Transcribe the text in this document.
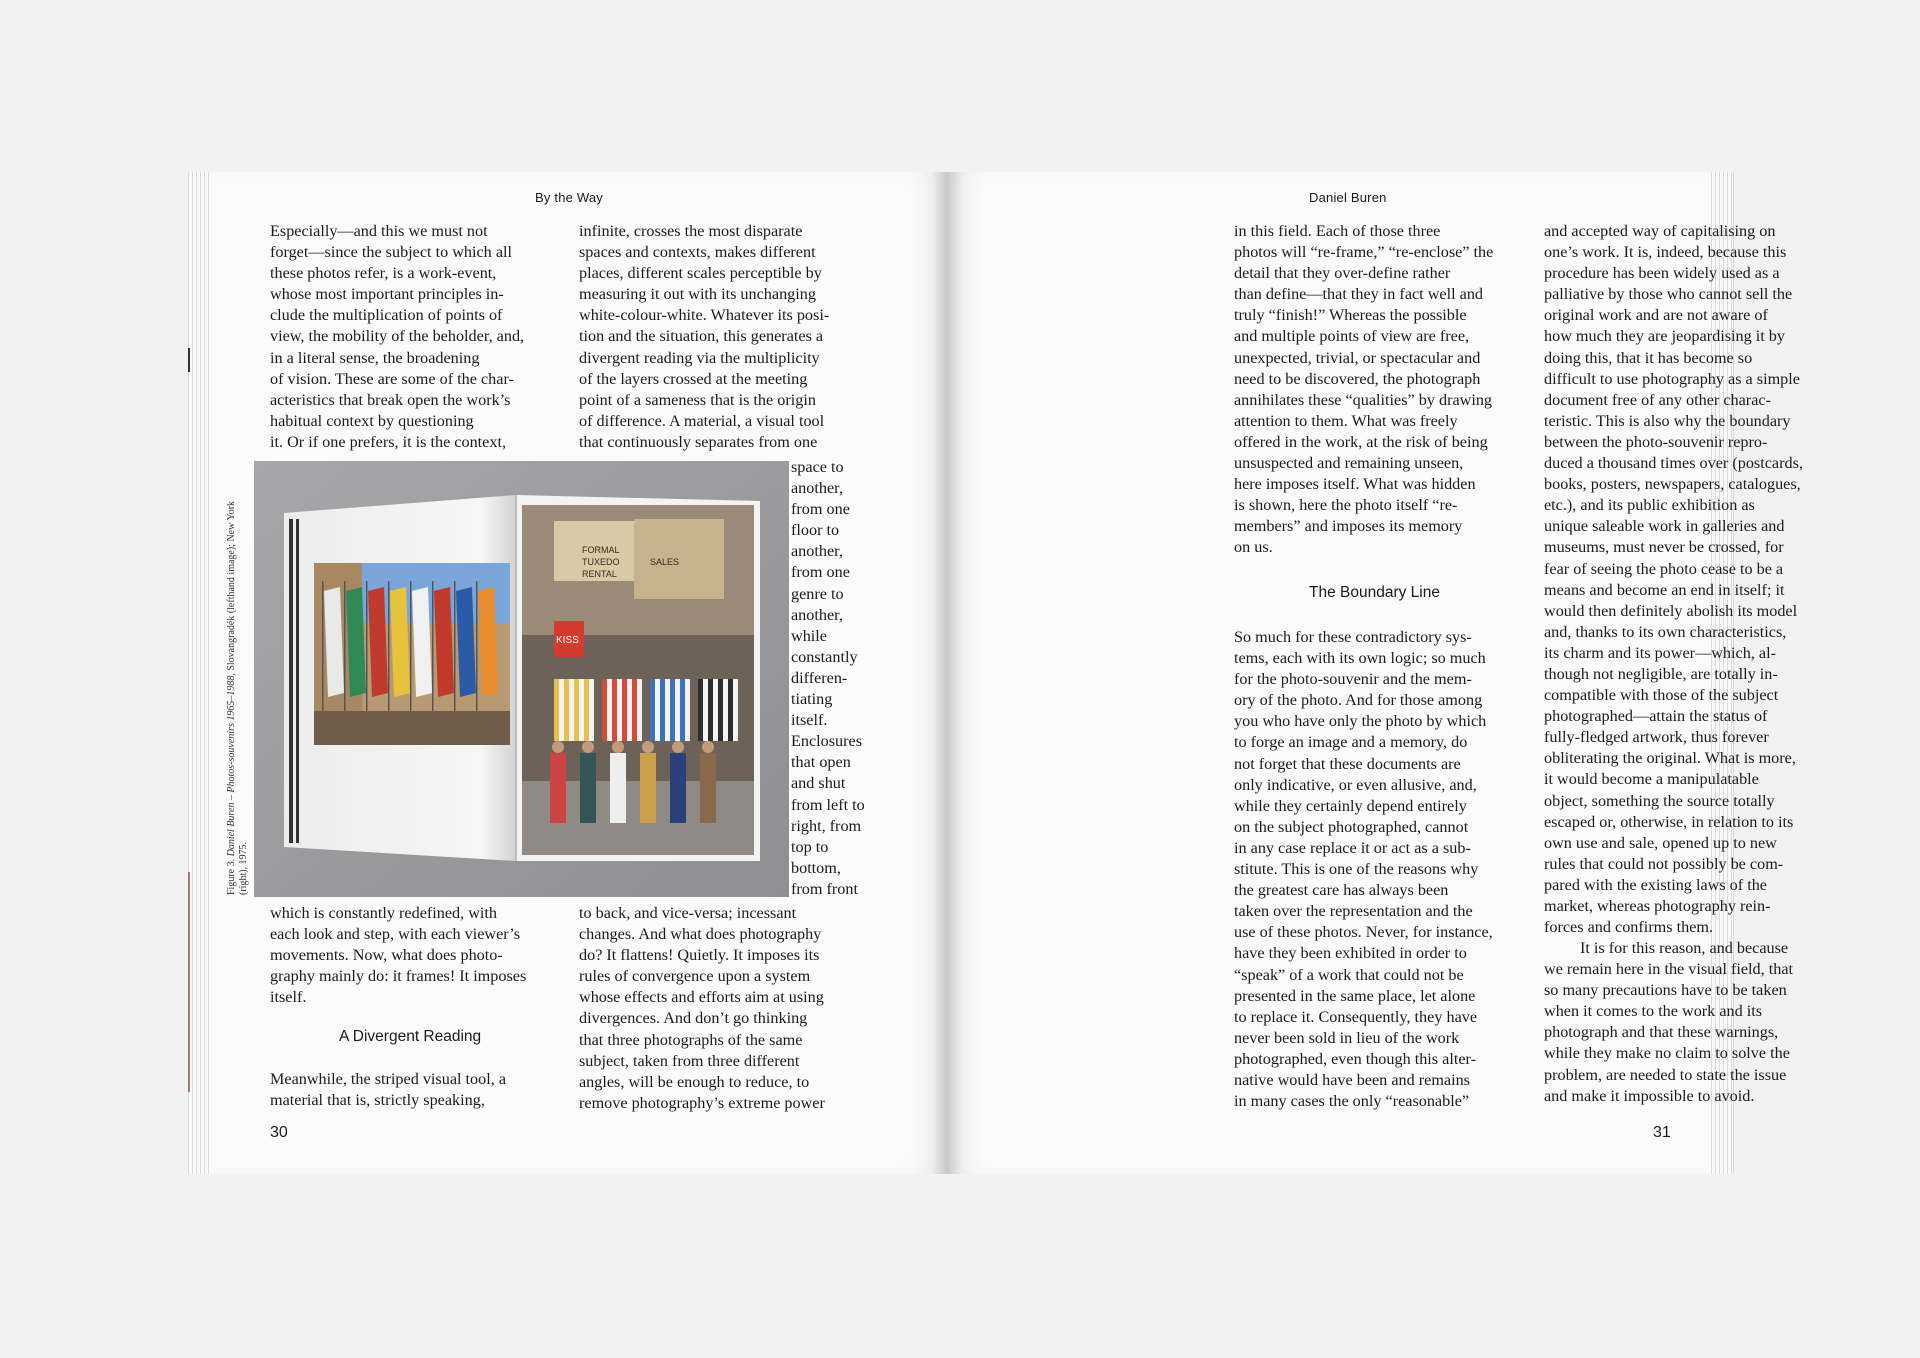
By the Way

Especially—and this we must not

forget—since the subject to which all

these photos refer, is a work-event,

whose most important principles in-

clude the multiplication of points of

view, the mobility of the beholder, and,

in a literal sense, the broadening

of vision. These are some of the char-

acteristics that break open the work’s

habitual context by questioning

it. Or if one prefers, it is the context,

infinite, crosses the most disparate

spaces and contexts, makes different

places, different scales perceptible by

measuring it out with its unchanging

white-colour-white. Whatever its posi-

tion and the situation, this generates a

divergent reading via the multiplicity

of the layers crossed at the meeting

point of a sameness that is the origin

of difference. A material, a visual tool

that continuously separates from one

space to

another,

from one

floor to

another,

from one

genre to

another,

while

constantly

differen-

tiating

itself.

Enclosures

that open

and shut

from left to

right, from

top to

bottom,

from front

FORMAL
TUXEDO
RENTAL
SALES
KISS
Figure 3. Daniel Buren – Photos-souvenirs 1965–1988, Slovangradék (lefthand image); New York (right), 1975.

which is constantly redefined, with

each look and step, with each viewer’s

movements. Now, what does photo-

graphy mainly do: it frames! It imposes

itself.

A Divergent Reading

Meanwhile, the striped visual tool, a

material that is, strictly speaking,

to back, and vice-versa; incessant

changes. And what does photography

do? It flattens! Quietly. It imposes its

rules of convergence upon a system

whose effects and efforts aim at using

divergences. And don’t go thinking

that three photographs of the same

subject, taken from three different

angles, will be enough to reduce, to

remove photography’s extreme power

30
Daniel Buren

in this field. Each of those three

photos will “re-frame,” “re-enclose” the

detail that they over-define rather

than define—that they in fact well and

truly “finish!” Whereas the possible

and multiple points of view are free,

unexpected, trivial, or spectacular and

need to be discovered, the photograph

annihilates these “qualities” by drawing

attention to them. What was freely

offered in the work, at the risk of being

unsuspected and remaining unseen,

here imposes itself. What was hidden

is shown, here the photo itself “re-

members” and imposes its memory

on us.

The Boundary Line

So much for these contradictory sys-

tems, each with its own logic; so much

for the photo-souvenir and the mem-

ory of the photo. And for those among

you who have only the photo by which

to forge an image and a memory, do

not forget that these documents are

only indicative, or even allusive, and,

while they certainly depend entirely

on the subject photographed, cannot

in any case replace it or act as a sub-

stitute. This is one of the reasons why

the greatest care has always been

taken over the representation and the

use of these photos. Never, for instance,

have they been exhibited in order to

“speak” of a work that could not be

presented in the same place, let alone

to replace it. Consequently, they have

never been sold in lieu of the work

photographed, even though this alter-

native would have been and remains

in many cases the only “reasonable”

and accepted way of capitalising on

one’s work. It is, indeed, because this

procedure has been widely used as a

palliative by those who cannot sell the

original work and are not aware of

how much they are jeopardising it by

doing this, that it has become so

difficult to use photography as a simple

document free of any other charac-

teristic. This is also why the boundary

between the photo-souvenir repro-

duced a thousand times over (postcards,

books, posters, newspapers, catalogues,

etc.), and its public exhibition as

unique saleable work in galleries and

museums, must never be crossed, for

fear of seeing the photo cease to be a

means and become an end in itself; it

would then definitely abolish its model

and, thanks to its own characteristics,

its charm and its power—which, al-

though not negligible, are totally in-

compatible with those of the subject

photographed—attain the status of

fully-fledged artwork, thus forever

obliterating the original. What is more,

it would become a manipulatable

object, something the source totally

escaped or, otherwise, in relation to its

own use and sale, opened up to new

rules that could not possibly be com-

pared with the existing laws of the

market, whereas photography rein-

forces and confirms them.

It is for this reason, and because

we remain here in the visual field, that

so many precautions have to be taken

when it comes to the work and its

photograph and that these warnings,

while they make no claim to solve the

problem, are needed to state the issue

and make it impossible to avoid.

31
